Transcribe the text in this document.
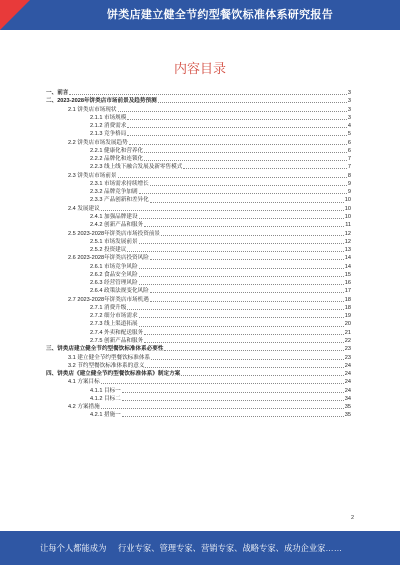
饼类店建立健全节约型餐饮标准体系研究报告
内容目录
一、前言	3
二、2023-2028年饼类店市场前景及趋势预测	3
2.1 饼类店市场现状	3
2.1.1 市场规模	3
2.1.2 消费需求	4
2.1.3 竞争格局	5
2.2 饼类店市场发展趋势	6
2.2.1 健康化和营养化	6
2.2.2 品牌化和连锁化	7
2.2.3 线上线下融合发展及新零售模式	7
2.3 饼类店市场前景	8
2.3.1 市场需求持续增长	9
2.3.2 品牌竞争加剧	9
2.3.3 产品创新和差异化	10
2.4 发展建议	10
2.4.1 加强品牌建设	10
2.4.2 创新产品和服务	11
2.5 2023-2028年饼类店市场投资前景	12
2.5.1 市场发展前景	12
2.5.2 投资建议	13
2.6 2023-2028年饼类店投资风险	14
2.6.1 市场竞争风险	14
2.6.2 食品安全风险	15
2.6.3 经营管理风险	16
2.6.4 政策法规变化风险	17
2.7 2023-2028年饼类店市场机遇	18
2.7.1 消费升级	18
2.7.2 细分市场需求	19
2.7.3 线上渠道拓展	20
2.7.4 外卖和配送服务	21
2.7.5 创新产品和服务	22
三、饼类店建立健全节约型餐饮标准体系必要性	23
3.1 建立健全节约型餐饮标准体系	23
3.2 节约型餐饮标准体系的意义	24
四、饼类店《建立健全节约型餐饮标准体系》制定方案	24
4.1 方案目标	24
4.1.1 目标一	24
4.1.2 目标二	34
4.2 方案措施	35
4.2.1 措施一	35
2
让每个人都能成为 行业专家、管理专家、营销专家、战略专家、成功企业家……
